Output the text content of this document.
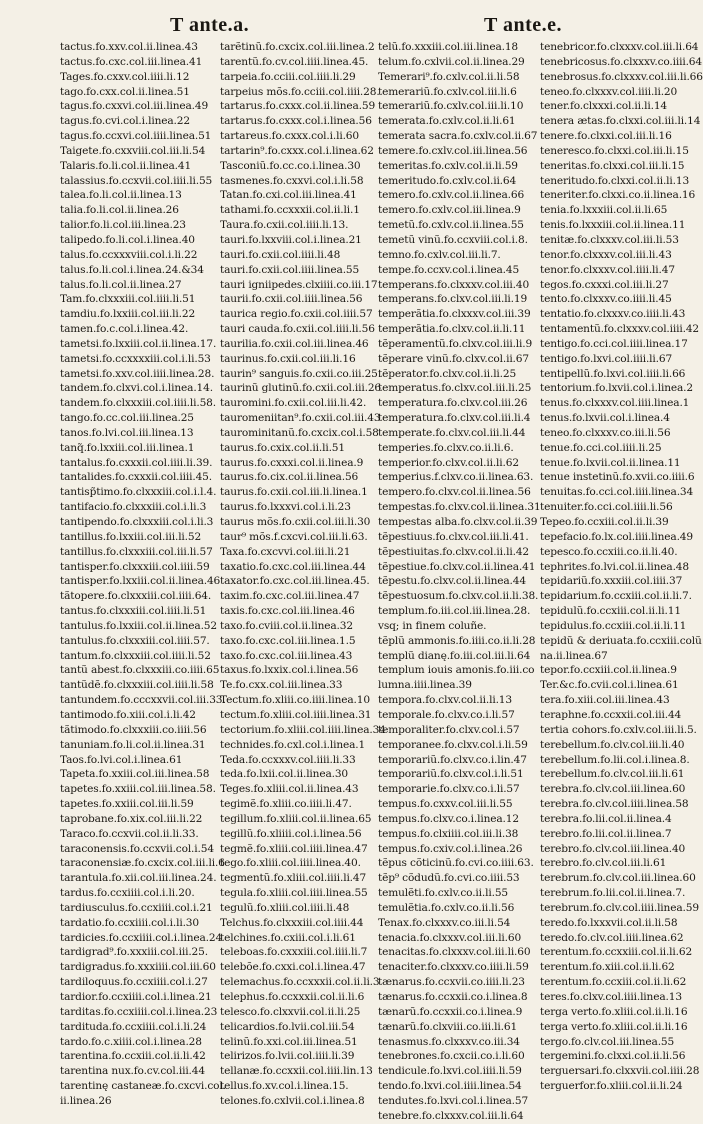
T ante.a.	T ante.e.
tactus.fo.xxv.col.ii.linea.43
tactus.fo.cxc.col.iii.linea.41
Tages.fo.cxxv.col.iiii.li.12
tago.fo.cxx.col.ii.linea.51
tagus.fo.cxxvi.col.iii.linea.49
tagus.fo.cvi.col.i.linea.22
tagus.fo.ccxvi.col.iiii.linea.51
Taigete.fo.cxxviii.col.iii.li.54
Talaris.fo.li.col.ii.linea.41
talassius.fo.ccxvii.col.iiii.li.55
talea.fo.li.col.ii.linea.13
talia.fo.li.col.ii.linea.26
talior.fo.li.col.iii.linea.23
talipedo.fo.li.col.i.linea.40
talus.fo.ccxxxviii.col.i.li.22
talus.fo.li.col.i.linea.24.&34
talus.fo.li.col.ii.linea.27
Tam.fo.clxxxiii.col.iiii.li.51
tamdiu.fo.lxxiii.col.iii.li.22
tamen.fo.c.col.i.linea.42.
tametsi.fo.lxxiii.col.ii.linea.17.
tametsi.fo.ccxxxxiii.col.i.li.53
tametsi.fo.xxv.col.iiii.linea.28.
tandem.fo.clxvi.col.i.linea.14.
tandem.fo.clxxxiii.col.iiii.li.58.
tango.fo.cc.col.iii.linea.25
tanos.fo.lvi.col.iii.linea.13
tanq̃.fo.lxxiii.col.iii.linea.1
tantalus.fo.cxxxii.col.iiii.li.39.
tantalides.fo.cxxxii.col.iiii.45.
tantisp̃timo.fo.clxxxiii.col.i.l.4.
tantifacio.fo.clxxxiii.col.i.li.3
tantipendo.fo.clxxxiii.col.i.li.3
tantillus.fo.lxxiii.col.iii.li.52
tantillus.fo.clxxxiii.col.iii.li.57
tantisper.fo.clxxxiii.col.iiii.59
tantisper.fo.lxxiii.col.ii.linea.46
tãtopere.fo.clxxxiii.col.iiii.64.
tantus.fo.clxxxiii.col.iiii.li.51
tantulus.fo.lxxiii.col.ii.linea.52
tantulus.fo.clxxxiii.col.iiii.57.
tantum.fo.clxxxiii.col.iiii.li.52
tantũ abest.fo.clxxxiii.co.iiii.65
tantũdẽ.fo.clxxxiii.col.iiii.li.58
tantundem.fo.cccxxvii.col.iii.33.
tantimodo.fo.xiii.col.i.li.42
tãtimodo.fo.clxxxiii.co.iiii.56
tanuniam.fo.li.col.ii.linea.31
Taos.fo.lvi.col.i.linea.61
Tapeta.fo.xxiii.col.iii.linea.58
tapetes.fo.xxiii.col.iii.linea.58.
tapetes.fo.xxiii.col.iii.li.59
taprobane.fo.xix.col.iii.li.22
Taraco.fo.ccxvii.col.ii.li.33.
taraconensis.fo.ccxvii.col.i.54
taraconensiæ.fo.cxcix.col.iii.li.6
tarantula.fo.xii.col.iii.linea.24.
tardus.fo.ccxiiii.col.i.li.20.
tardiusculus.fo.ccxiiii.col.i.21
tardatio.fo.ccxiiii.col.i.li.30
tardicies.fo.ccxiiii.col.i.linea.24
tardigrad⁹.fo.xxxiii.col.iii.25.
tardigradus.fo.xxxiiii.col.iii.60
tardiloquus.fo.ccxiiii.col.i.27
tardior.fo.ccxiiii.col.i.linea.21
tarditas.fo.ccxiiii.col.i.linea.23
tardituda.fo.ccxiiii.col.i.li.24
tardo.fo.c.xiiii.col.i.linea.28
tarentina.fo.ccxiii.col.ii.li.42
tarentina nux.fo.cv.col.iii.44
tarentinę castaneæ.fo.cxcvi.col.
ii.linea.26
tarẽtinũ.fo.cxcix.col.iii.linea.2
tarentũ.fo.cv.col.iiii.linea.45.
tarpeia.fo.cciii.col.iiii.li.29
tarpeius mõs.fo.cciii.col.iiii.28.
tartarus.fo.cxxx.col.ii.linea.59
tartarus.fo.cxxx.col.i.linea.56
tartareus.fo.cxxx.col.i.li.60
tartarin⁹.fo.cxxx.col.i.linea.62
Tasconiũ.fo.cc.co.i.linea.30
tasmenes.fo.cxxvi.col.i.li.58
Tatan.fo.cxi.col.iii.linea.41
tathami.fo.ccxxxii.col.ii.li.1
Taura.fo.cxii.col.iiii.li.13.
tauri.fo.lxxviii.col.i.linea.21
tauri.fo.cxii.col.iiii.li.48
tauri.fo.cxii.col.iiii.linea.55
tauri igniipedes.clxiiii.co.iii.17
taurii.fo.cxii.col.iiii.linea.56
taurica regio.fo.cxii.col.iiii.57
tauri cauda.fo.cxii.col.iiii.li.56
taurilia.fo.cxii.col.iii.linea.46
taurinus.fo.cxii.col.iii.li.16
taurin⁹ sanguis.fo.cxii.co.iii.25.
taurinũ glutinũ.fo.cxii.col.iii.26
tauromini.fo.cxii.col.iii.li.42.
tauromeniitan⁹.fo.cxii.col.iii.43
taurominitanũ.fo.cxcix.col.i.58
taurus.fo.cxix.col.ii.li.51
taurus.fo.cxxxi.col.ii.linea.9
taurus.fo.cix.col.ii.linea.56
taurus.fo.cxii.col.iii.li.linea.1
taurus.fo.lxxxvi.col.i.li.23
taurus mõs.fo.cxii.col.iii.li.30
taur⁹ mõs.f.cxcvi.col.iii.li.63.
Taxa.fo.cxcvvi.col.iii.li.21
taxatio.fo.cxc.col.iii.linea.44
taxator.fo.cxc.col.iii.linea.45.
taxim.fo.cxc.col.iii.linea.47
taxis.fo.cxc.col.iii.linea.46
taxo.fo.cviii.col.ii.linea.32
taxo.fo.cxc.col.iii.linea.1.5
taxo.fo.cxc.col.iii.linea.43
taxus.fo.lxxix.col.i.linea.56
Te.fo.cxx.col.iii.linea.33
Tectum.fo.xliii.co.iiii.linea.10
tectum.fo.xliii.col.iiii.linea.31
tectorium.fo.xliii.col.iiii.linea.34
technides.fo.cxl.col.i.linea.1
Teda.fo.ccxxxv.col.iiii.li.33
teda.fo.lxii.col.ii.linea.30
Teges.fo.xliii.col.ii.linea.43
tegimẽ.fo.xliii.co.iiii.li.47.
tegillum.fo.xliii.col.ii.linea.65
tegillũ.fo.xliiii.col.i.linea.56
tegmẽ.fo.xliii.col.iiii.linea.47
tego.fo.xliii.col.iiii.linea.40.
tegmentũ.fo.xliii.col.iiii.li.47
tegula.fo.xliii.col.iiii.linea.55
tegulũ.fo.xliii.col.iiii.li.48
Telchus.fo.clxxxiii.col.iiii.44
telchines.fo.cxiii.col.i.li.61
teleboas.fo.cxxxiii.col.iiii.li.7
telebõe.fo.cxxi.col.i.linea.47
telemachus.fo.ccxxxii.col.ii.li.3
telephus.fo.ccxxxii.col.ii.li.6
telesco.fo.clxxvii.col.ii.li.25
telicardios.fo.lvii.col.iii.54
telinũ.fo.xxi.col.iii.linea.51
telirizos.fo.lvii.col.iiii.li.39
tellanæ.fo.ccxxii.col.iiii.lin.13
tellus.fo.xv.col.i.linea.15.
telones.fo.cxlvii.col.i.linea.8
telũ.fo.xxxiii.col.iii.linea.18
telum.fo.cxlvii.col.ii.linea.29
Temerari⁹.fo.cxlv.col.ii.li.58
temerariũ.fo.cxlv.col.iii.li.6
temerariũ.fo.cxlv.col.iii.li.10
temerata.fo.cxlv.col.ii.li.61
temerata sacra.fo.cxlv.col.ii.67
temere.fo.cxlv.col.iii.linea.56
temeritas.fo.cxlv.col.ii.li.59
temeritudo.fo.cxlv.col.ii.64
temero.fo.cxlv.col.ii.linea.66
temero.fo.cxlv.col.iii.linea.9
temetũ.fo.cxlv.col.ii.linea.55
temetũ vinũ.fo.ccxviii.col.i.8.
temno.fo.cxlv.col.iii.li.7.
tempe.fo.ccxv.col.i.linea.45
temperans.fo.clxxxv.col.iii.40
temperans.fo.clxv.col.iii.li.19
temperãtia.fo.clxxxv.col.iii.39
temperãtia.fo.clxv.col.ii.li.11
tẽperamentũ.fo.clxv.col.iii.li.9
tẽperare vinũ.fo.clxv.col.ii.67
tẽperator.fo.clxv.col.ii.li.25
temperatus.fo.clxv.col.iii.li.25
temperatura.fo.clxv.col.iii.26
temperatura.fo.clxv.col.iii.li.4
temperate.fo.clxv.col.iii.li.44
temperies.fo.clxv.co.ii.li.6.
temperior.fo.clxv.col.ii.li.62
temperius.f.clxv.co.ii.linea.63.
tempero.fo.clxv.col.ii.linea.56
tempestas.fo.clxv.col.ii.linea.31
tempestas alba.fo.clxv.col.ii.39
tẽpestiuus.fo.clxv.col.iii.li.41.
tẽpestiuitas.fo.clxv.col.ii.li.42
tẽpestiue.fo.clxv.col.ii.linea.41
tẽpestu.fo.clxv.col.ii.linea.44
tẽpestuosum.fo.clxv.col.ii.li.38.
templum.fo.iii.col.iii.linea.28.
vsq; in finem coluñe.
tẽplũ ammonis.fo.iiii.co.ii.li.28
templũ dianę.fo.iii.col.iii.li.64
templum iouis amonis.fo.iii.co
lumna.iiii.linea.39
tempora.fo.clxv.col.ii.li.13
temporale.fo.clxv.co.i.li.57
temporaliter.fo.clxv.col.i.57
temporanee.fo.clxv.col.i.li.59
temporariũ.fo.clxv.co.i.lin.47
temporariũ.fo.clxv.col.i.li.51
temporarie.fo.clxv.co.i.li.57
tempus.fo.cxxv.col.iii.li.55
tempus.fo.clxv.co.i.linea.12
tempus.fo.clxiiii.col.iii.li.38
tempus.fo.cxiv.col.i.linea.26
tẽpus cõticinũ.fo.cvi.co.iiii.63.
tẽp⁹ cõdudũ.fo.cvi.co.iiii.53
temulẽti.fo.cxlv.co.ii.li.55
temulẽtia.fo.cxlv.co.ii.li.56
Tenax.fo.clxxxv.co.iii.li.54
tenacia.fo.clxxxv.col.iii.li.60
tenacitas.fo.clxxxv.col.iii.li.60
tenaciter.fo.clxxxv.co.iiii.li.59
tænarus.fo.ccxvii.co.iiii.li.23
tænarus.fo.ccxxii.co.i.linea.8
tænarũ.fo.ccxxii.co.i.linea.9
tænarũ.fo.clxviii.co.iii.li.61
tenasmus.fo.clxxxv.co.iii.34
tenebrones.fo.cxcii.co.i.li.60
tendicule.fo.lxvi.col.iiii.li.59
tendo.fo.lxvi.col.iiii.linea.54
tendutes.fo.lxvi.col.i.linea.57
tenebre.fo.clxxxv.col.iii.li.64
tenebricor.fo.clxxxv.col.iii.li.64
tenebricosus.fo.clxxxv.co.iiii.64
tenebrosus.fo.clxxxv.col.iii.li.66
teneo.fo.clxxxv.col.iiii.li.20
tener.fo.clxxxi.col.ii.li.14
tenera ætas.fo.clxxi.col.iii.li.14
tenere.fo.clxxi.col.iii.li.16
teneresco.fo.clxxi.col.iii.li.15
teneritas.fo.clxxi.col.iii.li.15
teneritudo.fo.clxxi.col.ii.li.13
teneriter.fo.clxxi.co.ii.linea.16
tenia.fo.lxxxiii.col.ii.li.65
tenis.fo.lxxxiii.col.ii.linea.11
tenitæ.fo.clxxxv.col.iii.li.53
tenor.fo.clxxxv.col.iii.li.43
tenor.fo.clxxxv.col.iiii.li.47
tegos.fo.cxxxi.col.iii.li.27
tento.fo.clxxxv.co.iiii.li.45
tentatio.fo.clxxxv.co.iiii.li.43
tentamentũ.fo.clxxxv.col.iiii.42
tentigo.fo.cci.col.iiii.linea.17
tentigo.fo.lxvi.col.iiii.li.67
tentipellũ.fo.lxvi.col.iiii.li.66
tentorium.fo.lxvii.col.i.linea.2
tenus.fo.clxxxv.col.iiii.linea.1
tenus.fo.lxvii.col.i.linea.4
teneo.fo.clxxxv.co.iii.li.56
tenue.fo.cci.col.iiii.li.25
tenue.fo.lxvii.col.ii.linea.11
tenue instetinũ.fo.xvii.co.iiii.6
tenuitas.fo.cci.col.iiii.linea.34
tenuiter.fo.cci.col.iiii.li.56
Tepeo.fo.ccxiii.col.ii.li.39
tepefacio.fo.lx.col.iiii.linea.49
tepesco.fo.ccxiii.co.ii.li.40.
tephrites.fo.lvi.col.ii.linea.48
tepidariũ.fo.xxxiii.col.iiii.37
tepidarium.fo.ccxiii.col.ii.li.7.
tepidulũ.fo.ccxiii.col.ii.li.11
tepidulus.fo.ccxiii.col.ii.li.11
tepidũ & deriuata.fo.ccxiii.colũ
na.ii.linea.67
tepor.fo.ccxiii.col.ii.linea.9
Ter.&c.fo.cvii.col.i.linea.61
tera.fo.xiii.col.iii.linea.43
teraphne.fo.ccxxii.col.iii.44
tertia cohors.fo.cxlv.col.iii.li.5.
terebellum.fo.clv.col.iii.li.40
terebellum.fo.lii.col.i.linea.8.
terebellum.fo.clv.col.iii.li.61
terebra.fo.clv.col.iii.linea.60
terebra.fo.clv.col.iiii.linea.58
terebra.fo.lii.col.ii.linea.4
terebro.fo.lii.col.ii.linea.7
terebro.fo.clv.col.iii.linea.40
terebro.fo.clv.col.iii.li.61
terebrum.fo.clv.col.iii.linea.60
terebrum.fo.lii.col.ii.linea.7.
terebrum.fo.clv.col.iiii.linea.59
teredo.fo.lxxxvii.col.ii.li.58
teredo.fo.clv.col.iiii.linea.62
terentum.fo.ccxxiii.col.ii.li.62
terentum.fo.xiii.col.ii.li.62
terentum.fo.ccxiii.col.ii.li.62
teres.fo.clxv.col.iiii.linea.13
terga verto.fo.xliii.col.ii.li.16
terga verto.fo.xliii.col.ii.li.16
tergo.fo.clv.col.iii.linea.55
tergemini.fo.clxxi.col.ii.li.56
terguersari.fo.clxxvii.col.iiii.28
terguerfor.fo.xliii.col.ii.li.24
